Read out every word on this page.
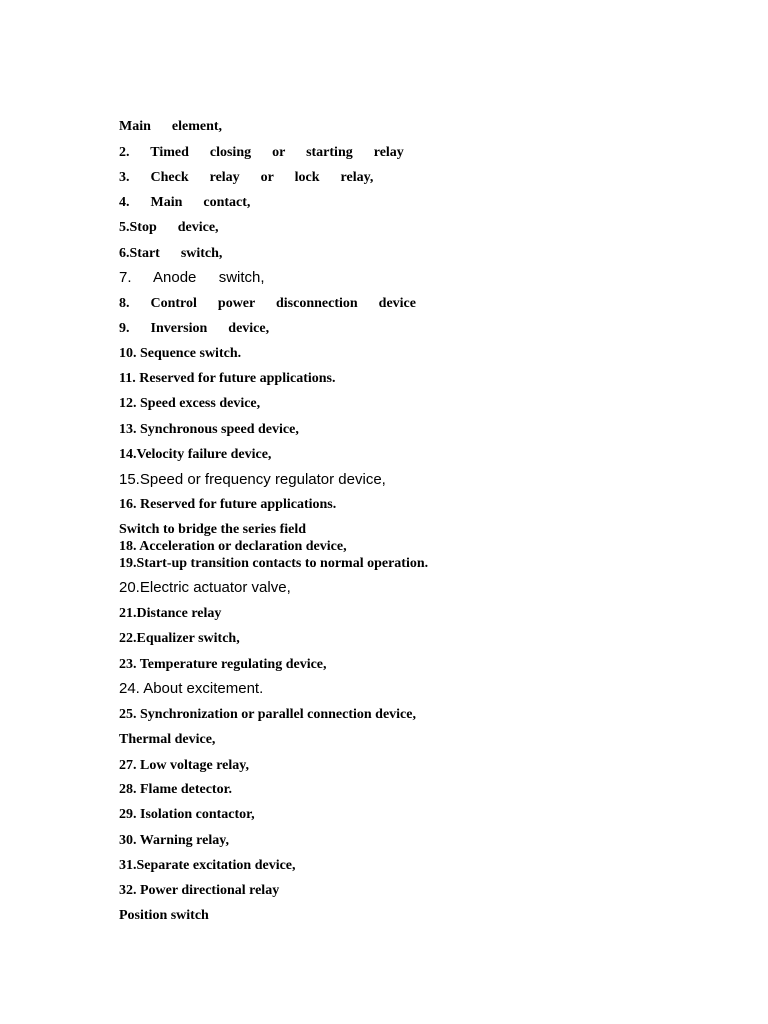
Main  element,
2.  Timed  closing  or  starting  relay
3.  Check  relay  or  lock  relay,
4.  Main  contact,
5.Stop  device,
6.Start  switch,
7.  Anode  switch,
8.  Control  power  disconnection  device
9.  Inversion  device,
10. Sequence switch.
11. Reserved for future applications.
12. Speed excess device,
13. Synchronous speed device,
14.Velocity failure device,
15.Speed or frequency regulator device,
16. Reserved for future applications.
Switch to bridge the series field
18. Acceleration or declaration device,
19.Start-up transition contacts to normal operation.
20.Electric actuator valve,
21.Distance relay
22.Equalizer switch,
23. Temperature regulating device,
24. About excitement.
25. Synchronization or parallel connection device,
Thermal device,
27. Low voltage relay,
28. Flame detector.
29. Isolation contactor,
30. Warning relay,
31.Separate excitation device,
32. Power directional relay
Position switch
